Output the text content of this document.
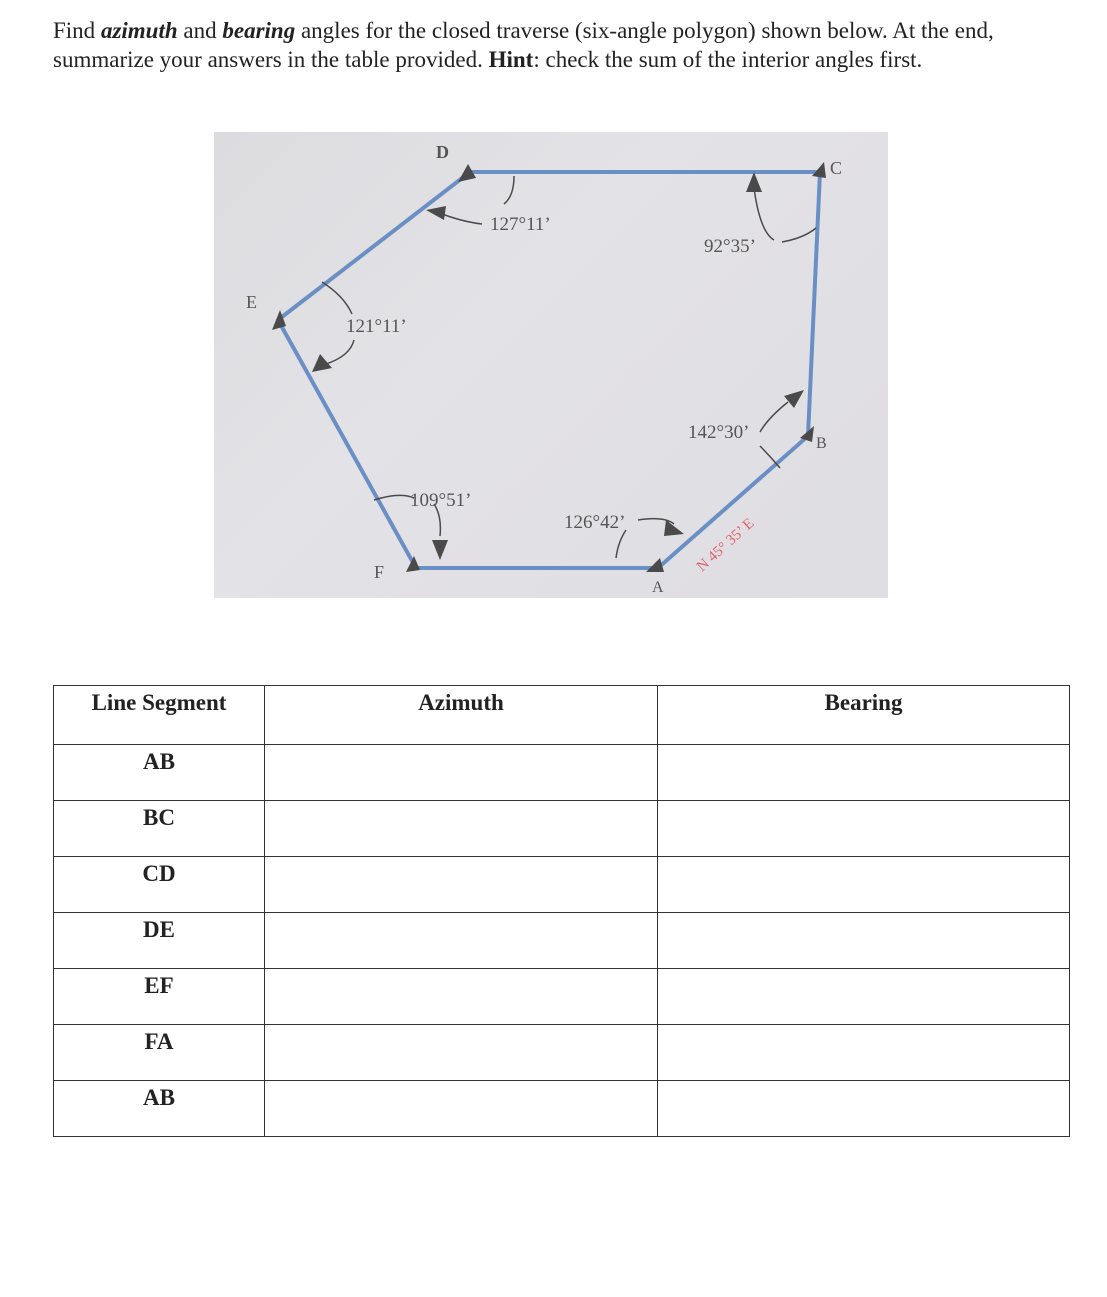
Find azimuth and bearing angles for the closed traverse (six-angle polygon) shown below. At the end, summarize your answers in the table provided. Hint: check the sum of the interior angles first.
D
C
E
B
F
A
127°11’
92°35’
121°11’
142°30’
109°51’
126°42’	N 45° 35’ E
Line Segment	Azimuth	Bearing
AB		
BC		
CD		
DE		
EF		
FA		
AB		
